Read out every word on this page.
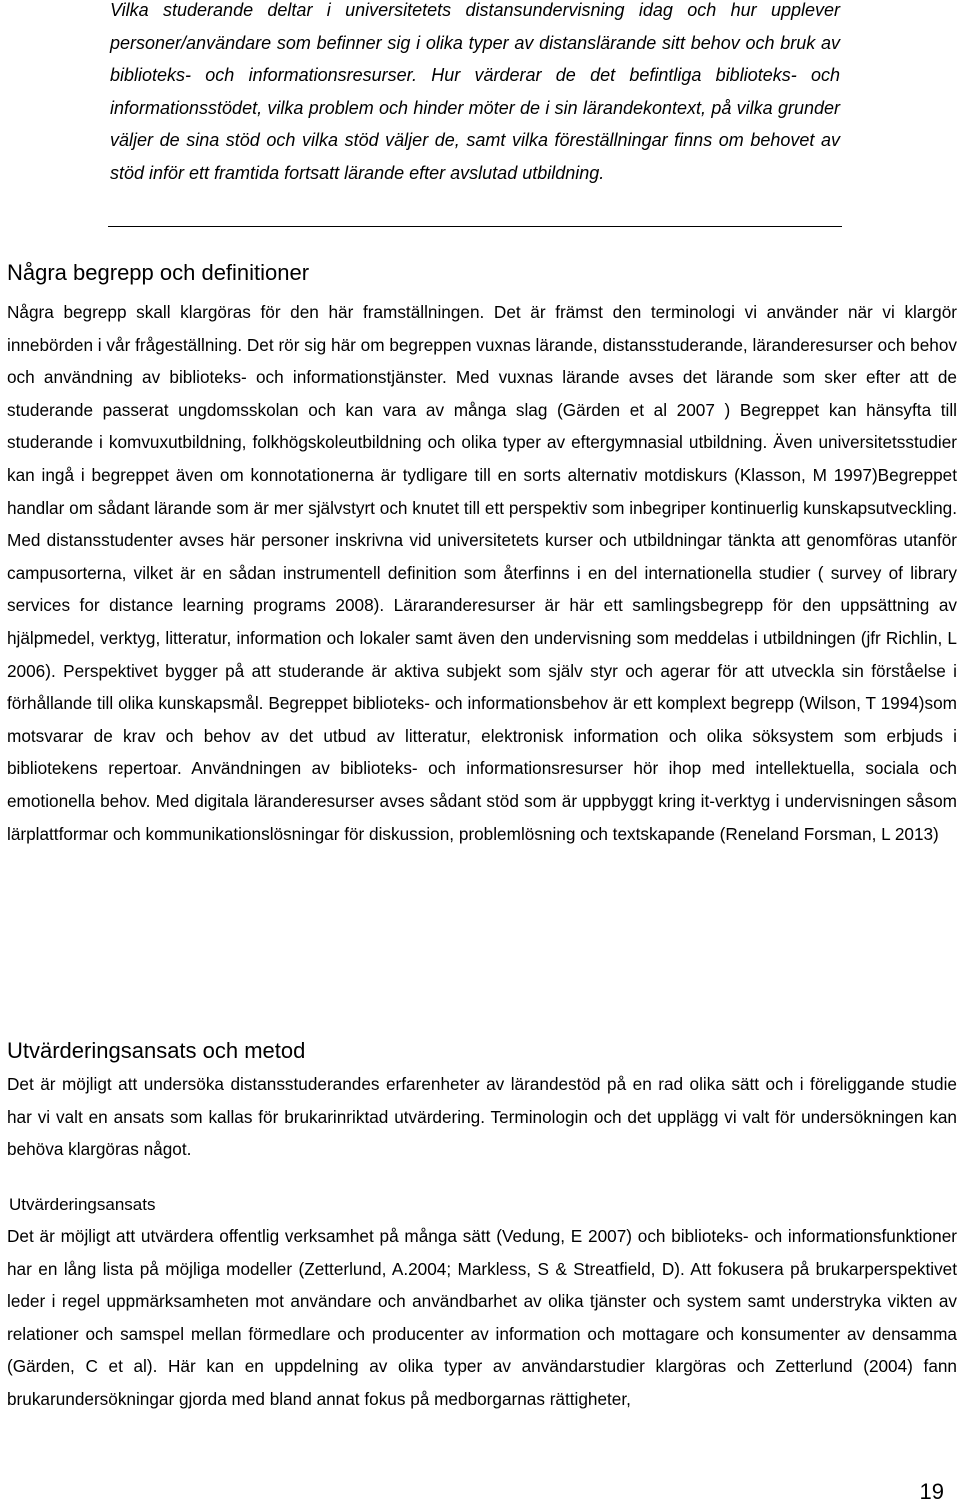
Vilka studerande deltar i universitetets distansundervisning idag och hur upplever personer/användare som befinner sig i olika typer av distanslärande sitt behov och bruk av biblioteks- och informationsresurser. Hur värderar de det befintliga biblioteks- och informationsstödet, vilka problem och hinder möter de i sin lärandekontext, på vilka grunder väljer de sina stöd och vilka stöd väljer de, samt vilka föreställningar finns om behovet av stöd inför ett framtida fortsatt lärande efter avslutad utbildning.

Några begrepp och definitioner

Några begrepp skall klargöras för den här framställningen. Det är främst den terminologi vi använder när vi klargör innebörden i vår frågeställning. Det rör sig här om begreppen vuxnas lärande, distansstuderande, läranderesurser och behov och användning av biblioteks- och informationstjänster. Med vuxnas lärande avses det lärande som sker efter att de studerande passerat ungdomsskolan och kan vara av många slag (Gärden et al 2007 ) Begreppet kan hänsyfta till studerande i komvuxutbildning, folkhögskoleutbildning och olika typer av eftergymnasial utbildning. Även universitetsstudier kan ingå i begreppet även om konnotationerna är tydligare till en sorts alternativ motdiskurs (Klasson, M 1997)Begreppet handlar om sådant lärande som är mer självstyrt och knutet till ett perspektiv som inbegriper kontinuerlig kunskapsutveckling. Med distansstudenter avses här personer inskrivna vid universitetets kurser och utbildningar tänkta att genomföras utanför campusorterna, vilket är en sådan instrumentell definition som återfinns i en del internationella studier ( survey of library services for distance learning programs 2008). Läraranderesurser är här ett samlingsbegrepp för den uppsättning av hjälpmedel, verktyg, litteratur, information och lokaler samt även den undervisning som meddelas i utbildningen (jfr Richlin, L 2006). Perspektivet bygger på att studerande är aktiva subjekt som själv styr och agerar för att utveckla sin förståelse i förhållande till olika kunskapsmål. Begreppet biblioteks- och informationsbehov är ett komplext begrepp (Wilson, T 1994)som motsvarar de krav och behov av det utbud av litteratur, elektronisk information och olika söksystem som erbjuds i bibliotekens repertoar. Användningen av biblioteks- och informationsresurser hör ihop med intellektuella, sociala och emotionella behov. Med digitala läranderesurser avses sådant stöd som är uppbyggt kring it-verktyg i undervisningen såsom lärplattformar och kommunikationslösningar för diskussion, problemlösning och textskapande (Reneland Forsman, L 2013)

Utvärderingsansats och metod

Det är möjligt att undersöka distansstuderandes erfarenheter av lärandestöd på en rad olika sätt och i föreliggande studie har vi valt en ansats som kallas för brukarinriktad utvärdering. Terminologin och det upplägg vi valt för undersökningen kan behöva klargöras något.

Utvärderingsansats

Det är möjligt att utvärdera offentlig verksamhet på många sätt (Vedung, E 2007) och biblioteks- och informationsfunktioner har en lång lista på möjliga modeller (Zetterlund, A.2004; Markless, S & Streatfield, D). Att fokusera på brukarperspektivet leder i regel uppmärksamheten mot användare och användbarhet av olika tjänster och system samt understryka vikten av relationer och samspel mellan förmedlare och producenter av information och mottagare och konsumenter av densamma (Gärden, C et al). Här kan en uppdelning av olika typer av användarstudier klargöras och Zetterlund (2004) fann brukarundersökningar gjorda med bland annat fokus på medborgarnas rättigheter,

19
